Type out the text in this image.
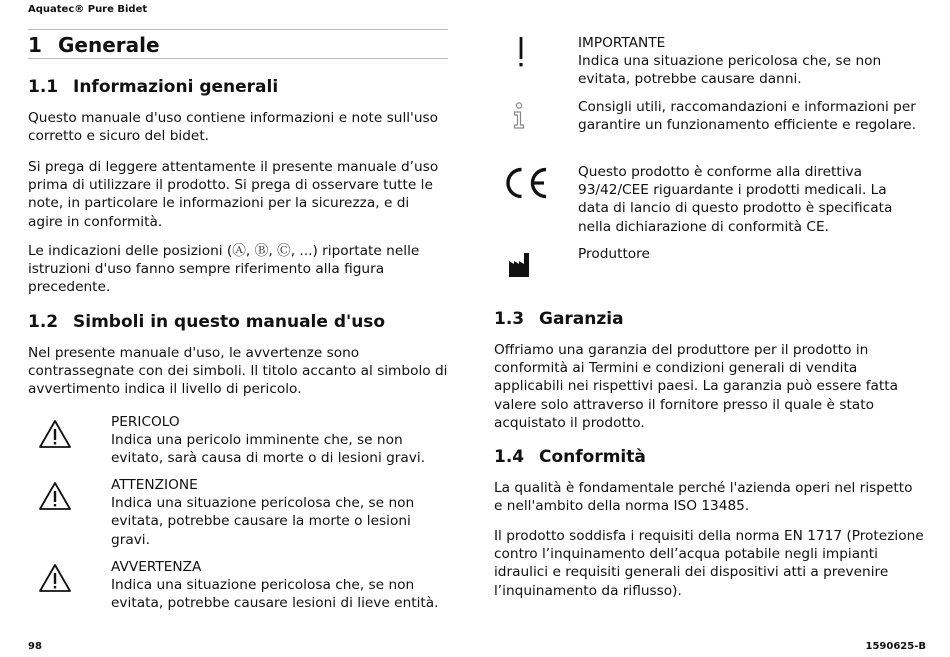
Aquatec® Pure Bidet
1 Generale
1.1 Informazioni generali

Questo manuale d'uso contiene informazioni e note sull'uso corretto e sicuro del bidet.

Si prega di leggere attentamente il presente manuale d’uso prima di utilizzare il prodotto. Si prega di osservare tutte le note, in particolare le informazioni per la sicurezza, e di agire in conformità.

Le indicazioni delle posizioni (Ⓐ, Ⓑ, Ⓒ, ...) riportate nelle istruzioni d'uso fanno sempre riferimento alla figura precedente.

1.2 Simboli in questo manuale d'uso

Nel presente manuale d'uso, le avvertenze sono contrassegnate con dei simboli. Il titolo accanto al simbolo di avvertimento indica il livello di pericolo.

PERICOLO
Indica una pericolo imminente che, se non evitato, sarà causa di morte o di lesioni gravi.
ATTENZIONE
Indica una situazione pericolosa che, se non evitata, potrebbe causare la morte o lesioni gravi.
AVVERTENZA
Indica una situazione pericolosa che, se non evitata, potrebbe causare lesioni di lieve entità.
IMPORTANTE
Indica una situazione pericolosa che, se non evitata, potrebbe causare danni.
Consigli utili, raccomandazioni e informazioni per garantire un funzionamento efficiente e regolare.
Questo prodotto è conforme alla direttiva 93/42/CEE riguardante i prodotti medicali. La data di lancio di questo prodotto è specificata nella dichiarazione di conformità CE.
Produttore
1.3 Garanzia

Offriamo una garanzia del produttore per il prodotto in conformità ai Termini e condizioni generali di vendita applicabili nei rispettivi paesi. La garanzia può essere fatta valere solo attraverso il fornitore presso il quale è stato acquistato il prodotto.

1.4 Conformità

La qualità è fondamentale perché l'azienda operi nel rispetto e nell'ambito della norma ISO 13485.

Il prodotto soddisfa i requisiti della norma EN 1717 (Protezione contro l’inquinamento dell’acqua potabile negli impianti idraulici e requisiti generali dei dispositivi atti a prevenire l’inquinamento da riflusso).

98	1590625-B
